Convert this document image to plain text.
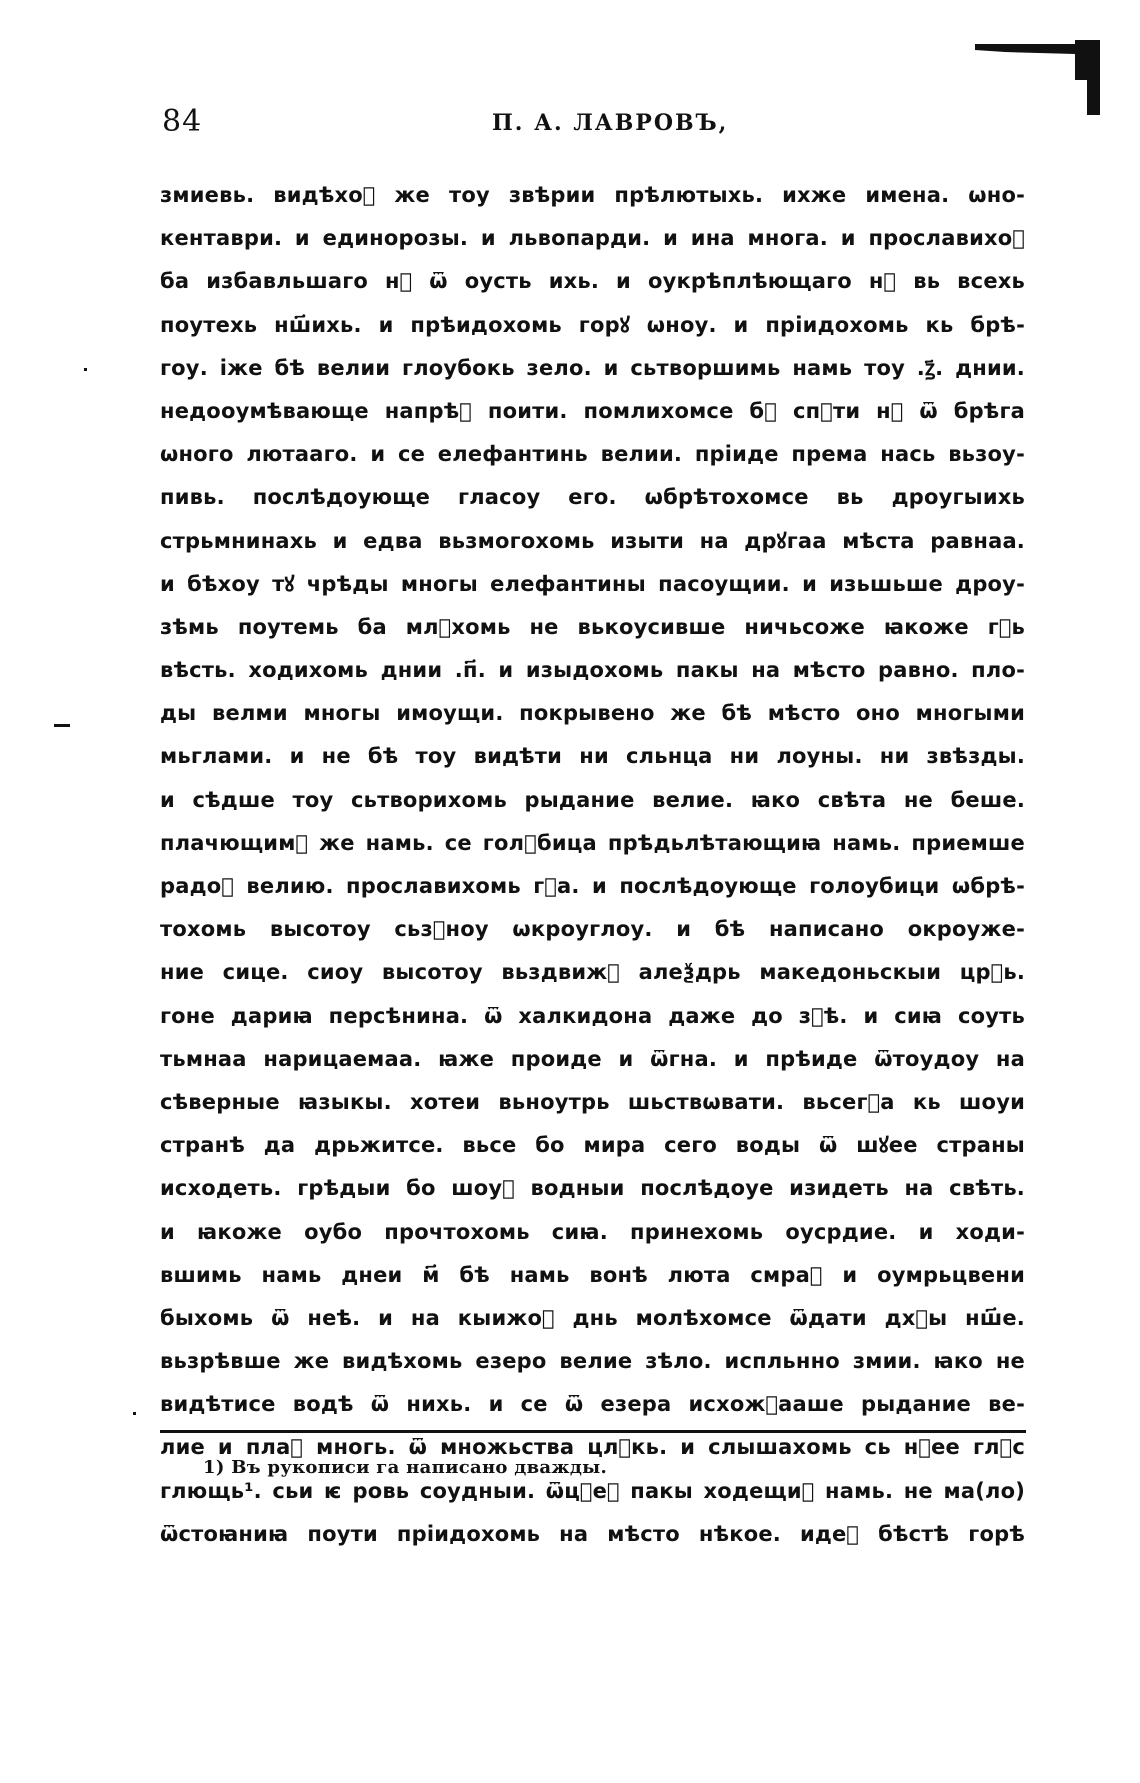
84	П. А. ЛАВРОВЪ,
змиевь. видѣхоⷨ же тоу звѣрии прѣлютыхь. ихже имена. ѡно-
кентаври. и единорозы. и львопарди. и ина многа. и прославихоⷨ
ба избавльшаго нⷭ ѿ оусть ихь. и оукрѣплѣющаго нⷭ вь всехь
поутехь нш҃ихь. и прѣидохомь горꙋ ѡноу. и прiидохомь кь брѣ-
гоу. іже бѣ велии глоубокь зело. и сьтворшимь намь тоу .ꙁ҃. днии.
недооумѣвающе напрѣⷣ поити. помлихомсе бꙋ спⷭти нⷭ ѿ брѣга
ѡного лютааго. и се елефантинь велии. прiиде према нась вьзоу-
пивь. послѣдоующе гласоу его. ѡбрѣтохомсе вь дроугыихь
стрьмнинахь и едва вьзмогохомь изыти на дрꙋгаа мѣста равнаа.
и бѣхоу тꙋ чрѣды многы елефантины пасоущии. и изьшьше дроу-
зѣмь поутемь ба млⷭхомь не вькоусивше ничьсоже ꙗкоже гⷭь
вѣсть. ходихомь днии .п҃. и изыдохомь пакы на мѣсто равно. пло-
ды велми многы имоущи. покрывено же бѣ мѣсто оно многыми
мьглами. и не бѣ тоу видѣти ни сльнца ни лоуны. ни звѣзды.
и сѣдше тоу сьтворихомь рыдание велие. ꙗко свѣта не беше.
плачющимⷨ же намь. се голꙋбица прѣдьлѣтающиꙗ намь. приемше
радоⷭ велию. прославихомь гⷭа. и послѣдоующе голоубици ѡбрѣ-
тохомь высотоу сьзⷭноу ѡкроуглоу. и бѣ написано окроуже-
ние сице. сиоу высотоу вьздвижⷭ алеѯдрь македоньскыи црⷭь.
гоне дариꙗ персѣнина. ѿ халкидона даже до зⷭѣ. и сиꙗ соуть
тьмнаа нарицаемаа. ꙗже проиде и ѿгна. и прѣиде ѿтоудоу на
сѣверные ꙗзыкы. хотеи вьноутрь шьствѡвати. вьсегⷣа кь шоуи
странѣ да дрьжитсе. вьсе бо мира сего воды ѿ шꙋее страны
исходеть. грѣдыи бо шоуⷭ водныи послѣдоуе изидеть на свѣть.
и ꙗкоже оубо прочтохомь сиꙗ. принехомь оусрдие. и ходи-
вшимь намь днеи м҃ бѣ намь вонѣ люта смраⷣ и оумрьцвени
быхомь ѿ неѣ. и на кыижоⷭ днь молѣхомсе ѿдати дхⷭы нш҃е.
вьзрѣвше же видѣхомь езеро велие зѣло. испльнно змии. ꙗко не
видѣтисе водѣ ѿ нихь. и се ѿ езера исхожⷭааше рыдание ве-
лие и плаⷱ многь. ѿ множьства цлⷭкь. и слышахомь сь нⷭее глⷭс
глющь¹. сьи ѥ ровь соудныи. ѿцⷭеⷨ пакы ходещиⷨ намь. не ма(ло)
ѿстоꙗниꙗ поути прiидохомь на мѣсто нѣкое. идеⷨ бѣстѣ горѣ
1) Въ рукописи га написано дважды.
